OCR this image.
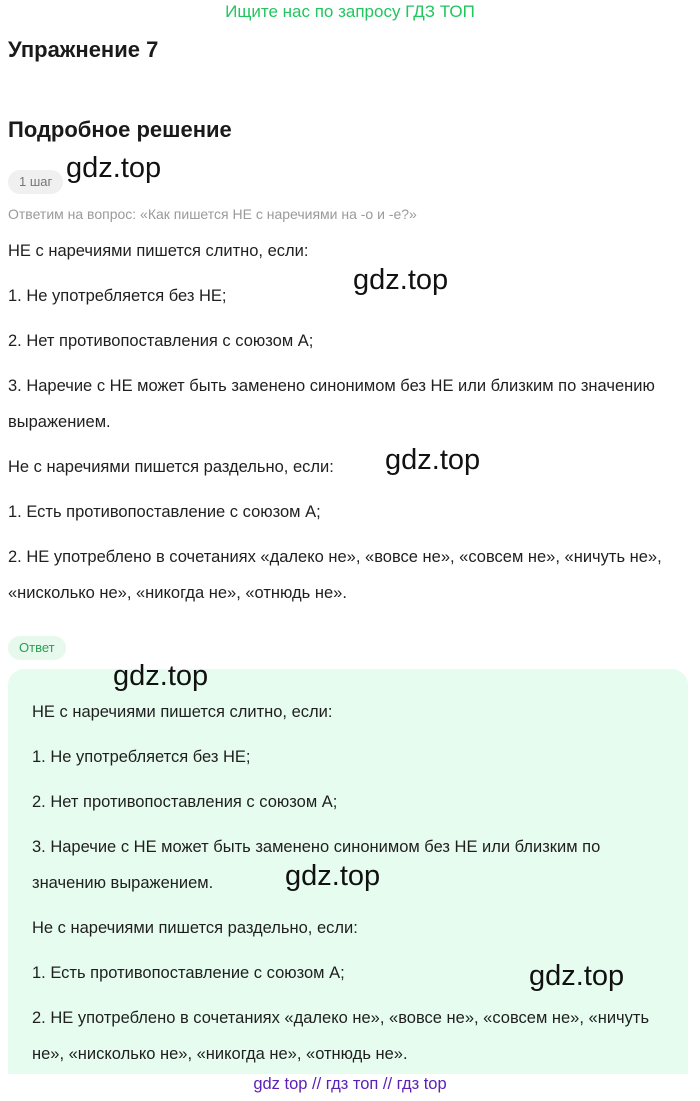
Ищите нас по запросу ГДЗ ТОП
Упражнение 7
Подробное решение
1 шаг gdz.top
Ответим на вопрос: «Как пишется НЕ с наречиями на -о и -е?»
НЕ с наречиями пишется слитно, если:
gdz.top
1. Не употребляется без НЕ;
2. Нет противопоставления с союзом А;
3. Наречие с НЕ может быть заменено синонимом без НЕ или близким по значению выражением.
Не с наречиями пишется раздельно, если:	gdz.top
1. Есть противопоставление с союзом А;
2. НЕ употреблено в сочетаниях «далеко не», «вовсе не», «совсем не», «ничуть не», «нисколько не», «никогда не», «отнюдь не».
Ответ
gdz.top
НЕ с наречиями пишется слитно, если:
1. Не употребляется без НЕ;
2. Нет противопоставления с союзом А;
3. Наречие с НЕ может быть заменено синонимом без НЕ или близким по значению выражением.	gdz.top
Не с наречиями пишется раздельно, если:
1. Есть противопоставление с союзом А;	gdz.top
2. НЕ употреблено в сочетаниях «далеко не», «вовсе не», «совсем не», «ничуть не», «нисколько не», «никогда не», «отнюдь не».
gdz top // гдз топ // гдз top
